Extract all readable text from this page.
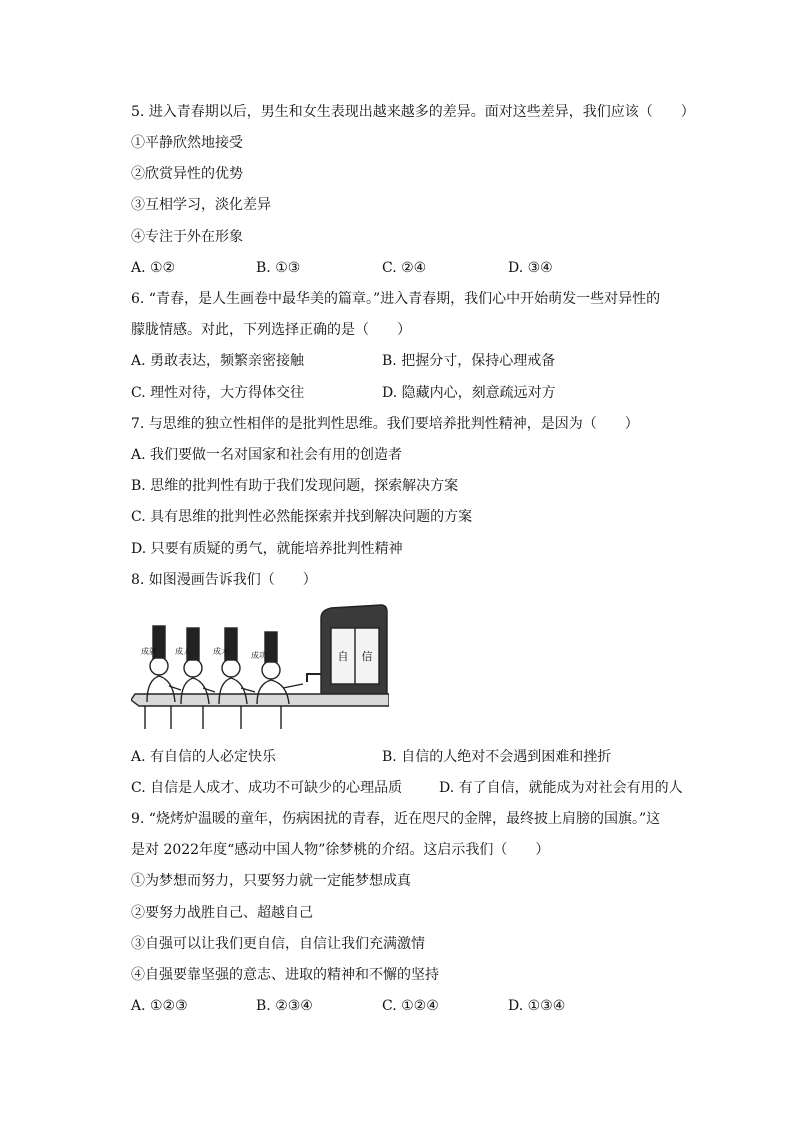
5. 进入青春期以后，男生和女生表现出越来越多的差异。面对这些差异，我们应该（　　）
①平静欣然地接受
②欣赏异性的优势
③互相学习，淡化差异
④专注于外在形象
A. ①②	B. ①③	C. ②④	D. ③④
6. “青春，是人生画卷中最华美的篇章。”进入青春期，我们心中开始萌发一些对异性的
朦胧情感。对此，下列选择正确的是（　　）
A. 勇敢表达，频繁亲密接触	B. 把握分寸，保持心理戒备
C. 理性对待，大方得体交往	D. 隐藏内心，刻意疏远对方
7. 与思维的独立性相伴的是批判性思维。我们要培养批判性精神，是因为（　　）
A. 我们要做一名对国家和社会有用的创造者
B. 思维的批判性有助于我们发现问题，探索解决方案
C. 具有思维的批判性必然能探索并找到解决问题的方案
D. 只要有质疑的勇气，就能培养批判性精神
8. 如图漫画告诉我们（　　）
自 信
成就 成人	成才	成功
A. 有自信的人必定快乐	B. 自信的人绝对不会遇到困难和挫折
C. 自信是人成才、成功不可缺少的心理品质	D. 有了自信，就能成为对社会有用的人
9. “烧烤炉温暖的童年，伤病困扰的青春，近在咫尺的金牌，最终披上肩膀的国旗。”这
是对 2022年度“感动中国人物”徐梦桃的介绍。这启示我们（　　）
①为梦想而努力，只要努力就一定能梦想成真
②要努力战胜自己、超越自己
③自强可以让我们更自信，自信让我们充满激情
④自强要靠坚强的意志、进取的精神和不懈的坚持
A. ①②③	B. ②③④	C. ①②④	D. ①③④
